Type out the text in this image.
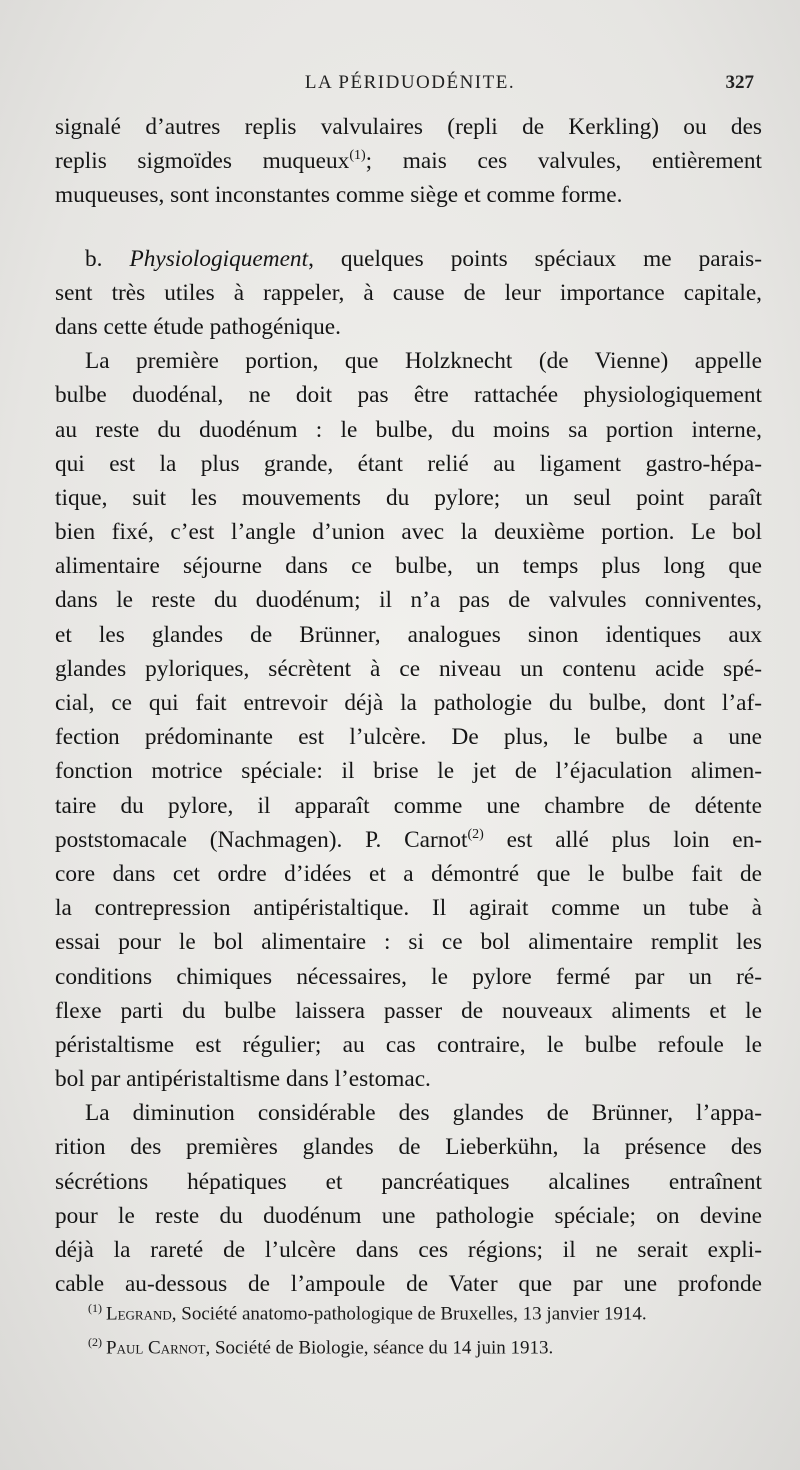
LA PÉRIDUODÉNITE.	327
signalé d’autres replis valvulaires (repli de Kerkling) ou des
replis sigmoïdes muqueux$^{(1)}$; mais ces valvules, entièrement
muqueuses, sont inconstantes comme siège et comme forme.
b. Physiologiquement, quelques points spéciaux me parais-
sent très utiles à rappeler, à cause de leur importance capitale,
dans cette étude pathogénique.
La première portion, que Holzknecht (de Vienne) appelle
bulbe duodénal, ne doit pas être rattachée physiologiquement
au reste du duodénum : le bulbe, du moins sa portion interne,
qui est la plus grande, étant relié au ligament gastro-hépa-
tique, suit les mouvements du pylore; un seul point paraît
bien fixé, c’est l’angle d’union avec la deuxième portion. Le bol
alimentaire séjourne dans ce bulbe, un temps plus long que
dans le reste du duodénum; il n’a pas de valvules conniventes,
et les glandes de Brünner, analogues sinon identiques aux
glandes pyloriques, sécrètent à ce niveau un contenu acide spé-
cial, ce qui fait entrevoir déjà la pathologie du bulbe, dont l’af-
fection prédominante est l’ulcère. De plus, le bulbe a une
fonction motrice spéciale: il brise le jet de l’éjaculation alimen-
taire du pylore, il apparaît comme une chambre de détente
poststomacale (Nachmagen). P. Carnot$^{(2)}$ est allé plus loin en-
core dans cet ordre d’idées et a démontré que le bulbe fait de
la contrepression antipéristaltique. Il agirait comme un tube à
essai pour le bol alimentaire : si ce bol alimentaire remplit les
conditions chimiques nécessaires, le pylore fermé par un ré-
flexe parti du bulbe laissera passer de nouveaux aliments et le
péristaltisme est régulier; au cas contraire, le bulbe refoule le
bol par antipéristaltisme dans l’estomac.
La diminution considérable des glandes de Brünner, l’appa-
rition des premières glandes de Lieberkühn, la présence des
sécrétions hépatiques et pancréatiques alcalines entraînent
pour le reste du duodénum une pathologie spéciale; on devine
déjà la rareté de l’ulcère dans ces régions; il ne serait expli-
cable au-dessous de l’ampoule de Vater que par une profonde
$^{(1)}$ Legrand, Société anatomo-pathologique de Bruxelles, 13 janvier 1914.
$^{(2)}$ Paul Carnot, Société de Biologie, séance du 14 juin 1913.
